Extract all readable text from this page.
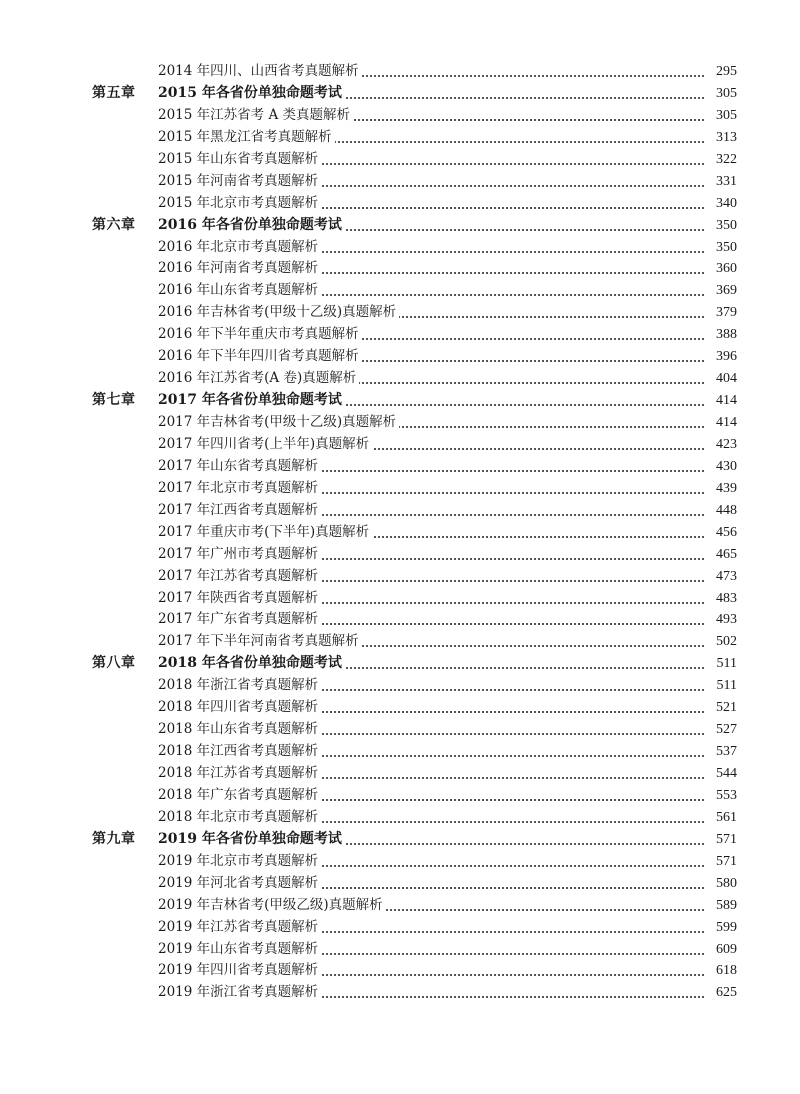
2014 年四川、山西省考真题解析	295
第五章 2015 年各省份单独命题考试	305
2015 年江苏省考 A 类真题解析	305
2015 年黑龙江省考真题解析	313
2015 年山东省考真题解析	322
2015 年河南省考真题解析	331
2015 年北京市考真题解析	340
第六章 2016 年各省份单独命题考试	350
2016 年北京市考真题解析	350
2016 年河南省考真题解析	360
2016 年山东省考真题解析	369
2016 年吉林省考(甲级十乙级)真题解析	379
2016 年下半年重庆市考真题解析	388
2016 年下半年四川省考真题解析	396
2016 年江苏省考(A 卷)真题解析	404
第七章 2017 年各省份单独命题考试	414
2017 年吉林省考(甲级十乙级)真题解析	414
2017 年四川省考(上半年)真题解析	423
2017 年山东省考真题解析	430
2017 年北京市考真题解析	439
2017 年江西省考真题解析	448
2017 年重庆市考(下半年)真题解析	456
2017 年广州市考真题解析	465
2017 年江苏省考真题解析	473
2017 年陕西省考真题解析	483
2017 年广东省考真题解析	493
2017 年下半年河南省考真题解析	502
第八章 2018 年各省份单独命题考试	511
2018 年浙江省考真题解析	511
2018 年四川省考真题解析	521
2018 年山东省考真题解析	527
2018 年江西省考真题解析	537
2018 年江苏省考真题解析	544
2018 年广东省考真题解析	553
2018 年北京市考真题解析	561
第九章 2019 年各省份单独命题考试	571
2019 年北京市考真题解析	571
2019 年河北省考真题解析	580
2019 年吉林省考(甲级乙级)真题解析	589
2019 年江苏省考真题解析	599
2019 年山东省考真题解析	609
2019 年四川省考真题解析	618
2019 年浙江省考真题解析	625
